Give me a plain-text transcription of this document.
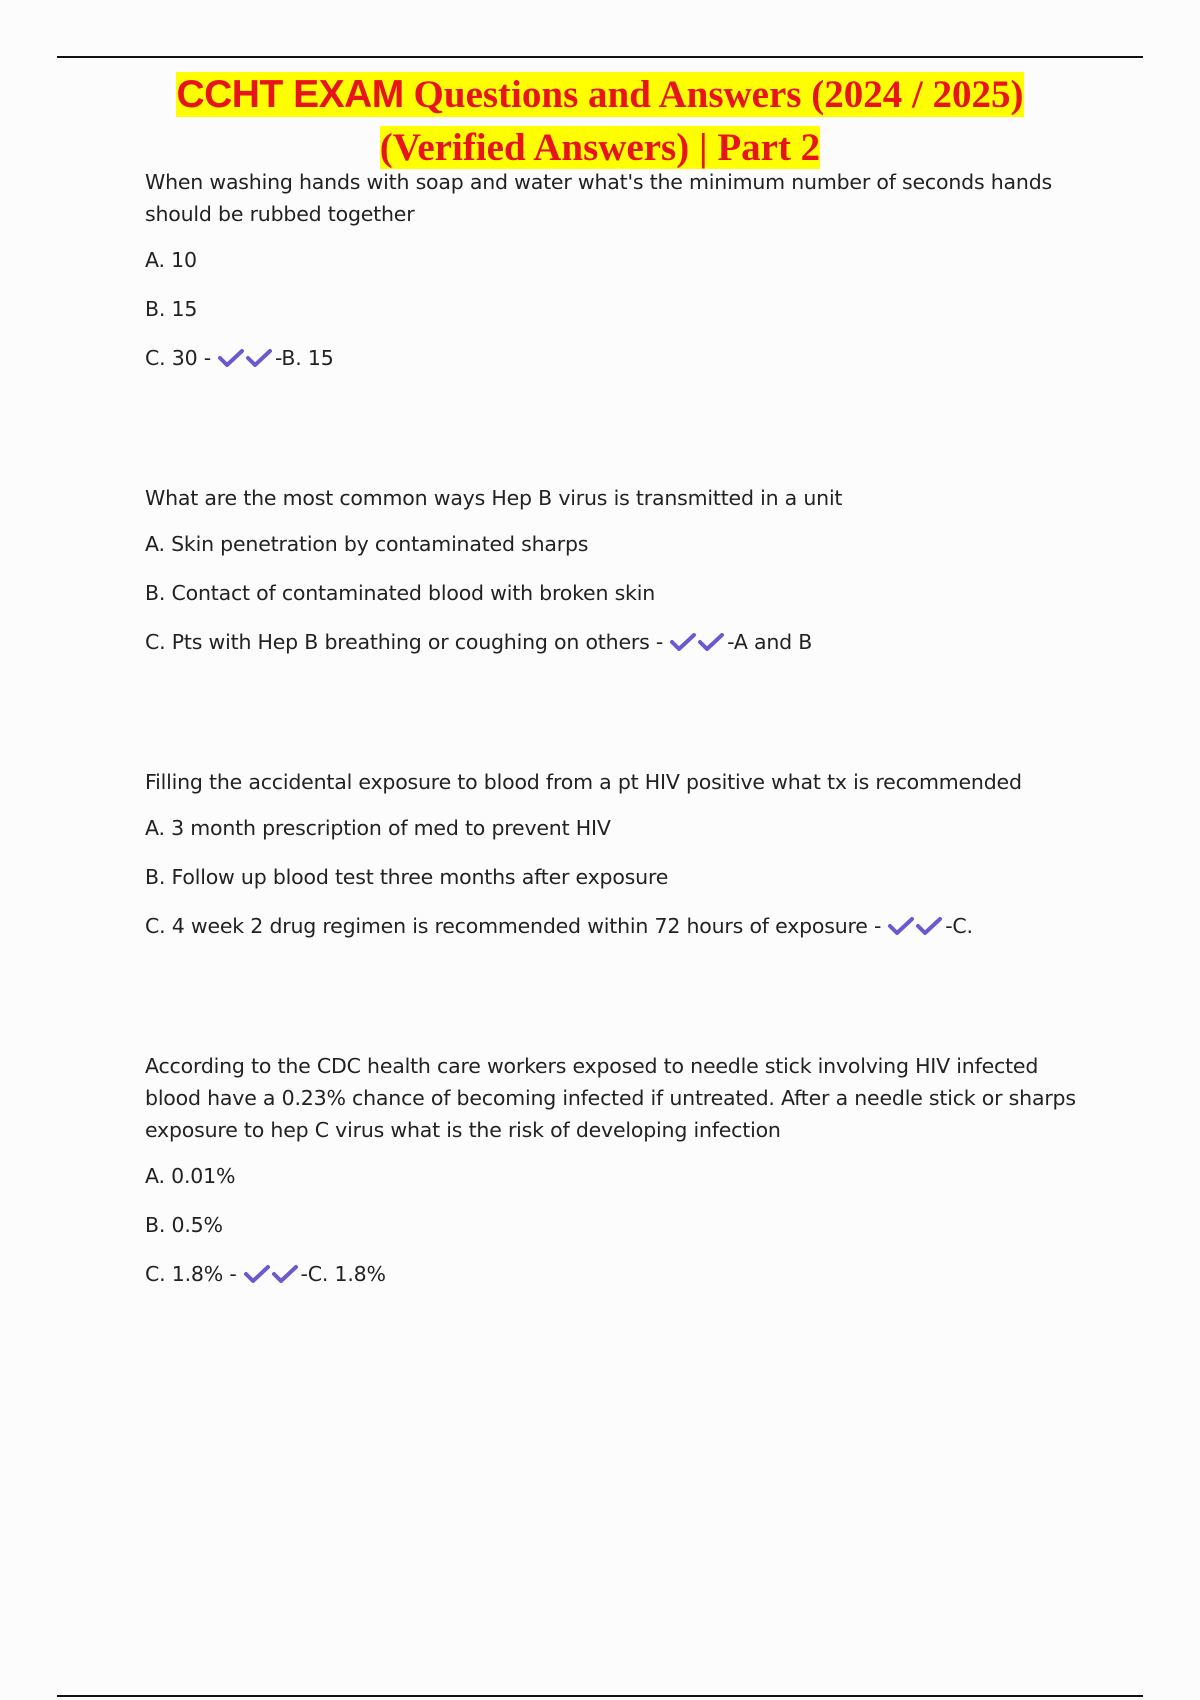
CCHT EXAM Questions and Answers (2024 / 2025)
(Verified Answers) | Part 2

When washing hands with soap and water what's the minimum number of seconds hands should be rubbed together

A. 10

B. 15

C. 30 -	-B. 15

What are the most common ways Hep B virus is transmitted in a unit

A. Skin penetration by contaminated sharps

B. Contact of contaminated blood with broken skin

C. Pts with Hep B breathing or coughing on others -	-A and B

Filling the accidental exposure to blood from a pt HIV positive what tx is recommended

A. 3 month prescription of med to prevent HIV

B. Follow up blood test three months after exposure

C. 4 week 2 drug regimen is recommended within 72 hours of exposure -	-C.

According to the CDC health care workers exposed to needle stick involving HIV infected blood have a 0.23% chance of becoming infected if untreated. After a needle stick or sharps exposure to hep C virus what is the risk of developing infection

A. 0.01%

B. 0.5%

C. 1.8% -	-C. 1.8%
